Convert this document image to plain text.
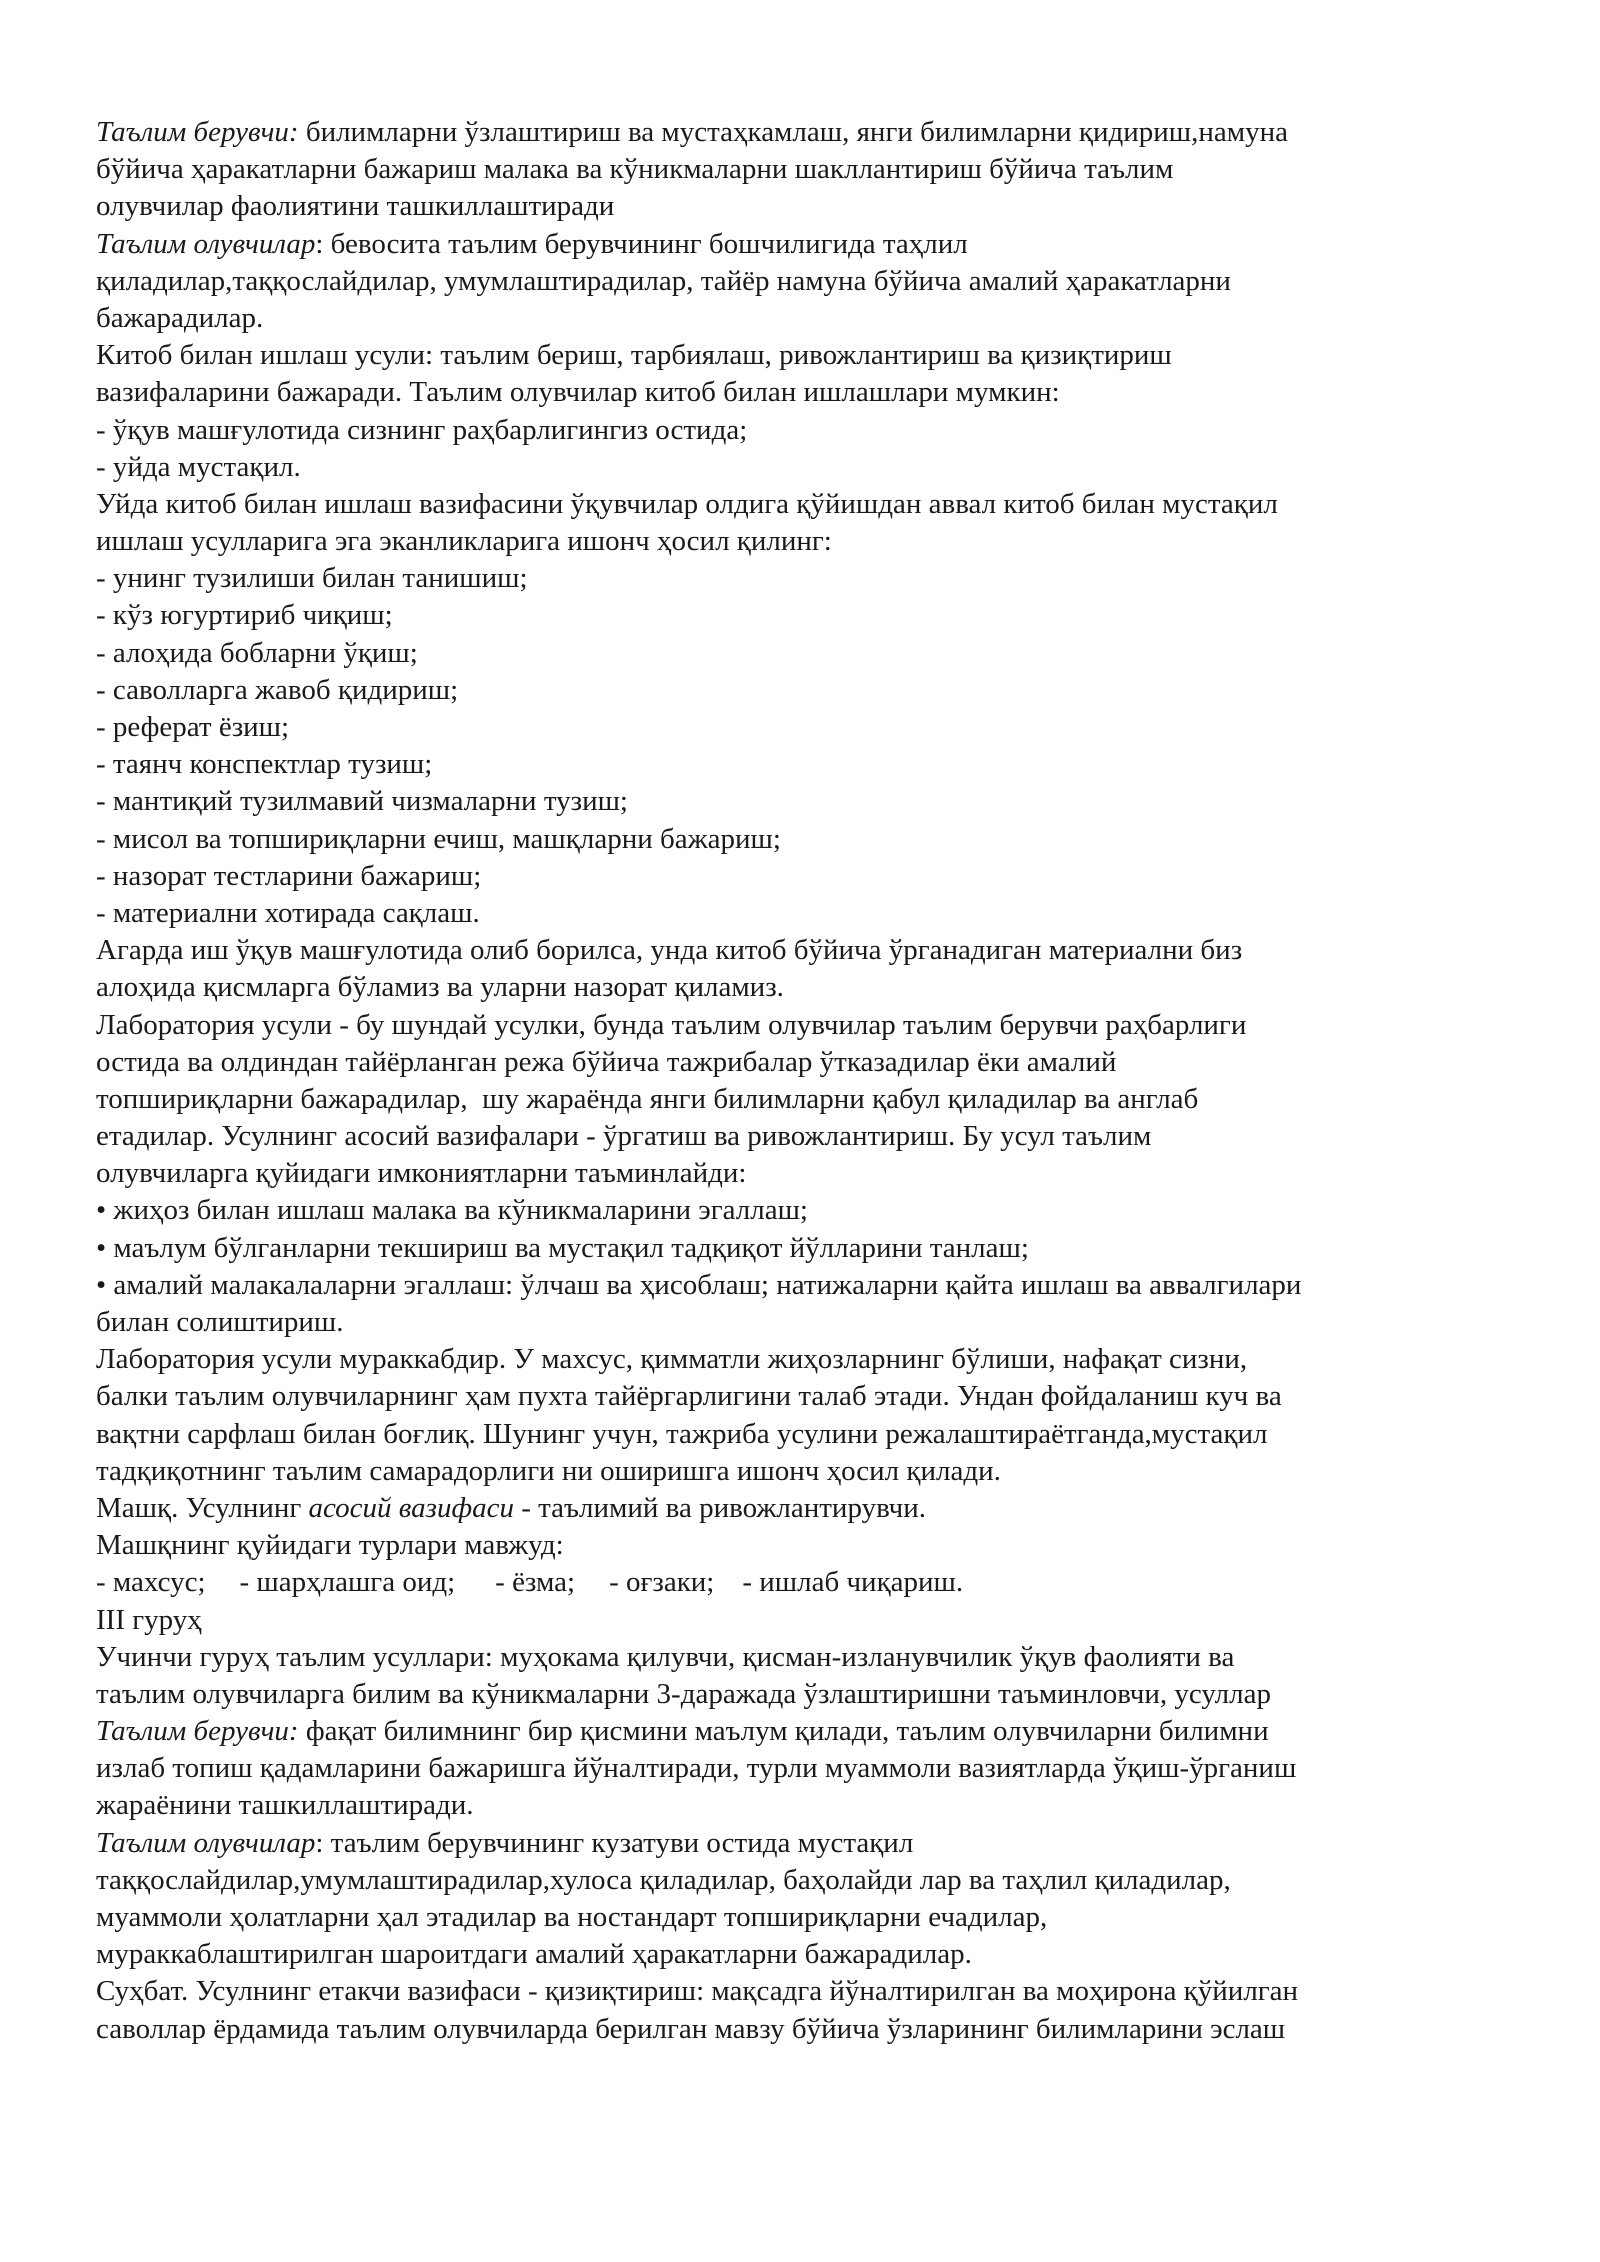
Таълим берувчи: билимларни ўзлаштириш ва мустаҳкамлаш, янги билимларни қидириш,намуна
бўйича ҳаракатларни бажариш малака ва кўникмаларни шакллантириш бўйича таълим
олувчилар фаолиятини ташкиллаштиради
Таълим олувчилар: бевосита таълим берувчининг бошчилигида таҳлил
қиладилар,таққослайдилар, умумлаштирадилар, тайёр намуна бўйича амалий ҳаракатларни
бажарадилар.
Китоб билан ишлаш усули: таълим бериш, тарбиялаш, ривожлантириш ва қизиқтириш
вазифаларини бажаради. Таълим олувчилар китоб билан ишлашлари мумкин:
- ўқув машғулотида сизнинг раҳбарлигингиз остида;
- уйда мустақил.
Уйда китоб билан ишлаш вазифасини ўқувчилар олдига қўйишдан аввал китоб билан мустақил
ишлаш усулларига эга эканликларига ишонч ҳосил қилинг:
- унинг тузилиши билан танишиш;
- кўз югуртириб чиқиш;
- алоҳида бобларни ўқиш;
- саволларга жавоб қидириш;
- реферат ёзиш;
- таянч конспектлар тузиш;
- мантиқий тузилмавий чизмаларни тузиш;
- мисол ва топшириқларни ечиш, машқларни бажариш;
- назорат тестларини бажариш;
- материални хотирада сақлаш.
Агарда иш ўқув машғулотида олиб борилса, унда китоб бўйича ўрганадиган материални биз
алоҳида қисмларга бўламиз ва уларни назорат қиламиз.
Лаборатория усули - бу шундай усулки, бунда таълим олувчилар таълим берувчи раҳбарлиги
остида ва олдиндан тайёрланган режа бўйича тажрибалар ўтказадилар ёки амалий
топшириқларни бажарадилар,  шу жараёнда янги билимларни қабул қиладилар ва англаб
етадилар. Усулнинг асосий вазифалари - ўргатиш ва ривожлантириш. Бу усул таълим
олувчиларга қуйидаги имкониятларни таъминлайди:
• жиҳоз билан ишлаш малака ва кўникмаларини эгаллаш;
• маълум бўлганларни текшириш ва мустақил тадқиқот йўлларини танлаш;
• амалий малакалаларни эгаллаш: ўлчаш ва ҳисоблаш; натижаларни қайта ишлаш ва аввалгилари
билан солиштириш.
Лаборатория усули мураккабдир. У махсус, қимматли жиҳозларнинг бўлиши, нафақат сизни,
балки таълим олувчиларнинг ҳам пухта тайёргарлигини талаб этади. Ундан фойдаланиш куч ва
вақтни сарфлаш билан боғлиқ. Шунинг учун, тажриба усулини режалаштираётганда,мустақил
тадқиқотнинг таълим самарадорлиги ни оширишга ишонч ҳосил қилади.
Машқ. Усулнинг асосий вазифаси - таълимий ва ривожлантирувчи.
Машқнинг қуйидаги турлари мавжуд:
- махсус; - шарҳлашга оид; - ёзма; - оғзаки; - ишлаб чиқариш.
III гуруҳ
Учинчи гуруҳ таълим усуллари: муҳокама қилувчи, қисман-изланувчилик ўқув фаолияти ва
таълим олувчиларга билим ва кўникмаларни 3-даражада ўзлаштиришни таъминловчи, усуллар
Таълим берувчи: фақат билимнинг бир қисмини маълум қилади, таълим олувчиларни билимни
излаб топиш қадамларини бажаришга йўналтиради, турли муаммоли вазиятларда ўқиш-ўрганиш
жараёнини ташкиллаштиради.
Таълим олувчилар: таълим берувчининг кузатуви остида мустақил
таққослайдилар,умумлаштирадилар,хулоса қиладилар, баҳолайди лар ва таҳлил қиладилар,
муаммоли ҳолатларни ҳал этадилар ва ностандарт топшириқларни ечадилар,
мураккаблаштирилган шароитдаги амалий ҳаракатларни бажарадилар.
Суҳбат. Усулнинг етакчи вазифаси - қизиқтириш: мақсадга йўналтирилган ва моҳирона қўйилган
саволлар ёрдамида таълим олувчиларда берилган мавзу бўйича ўзларининг билимларини эслаш
